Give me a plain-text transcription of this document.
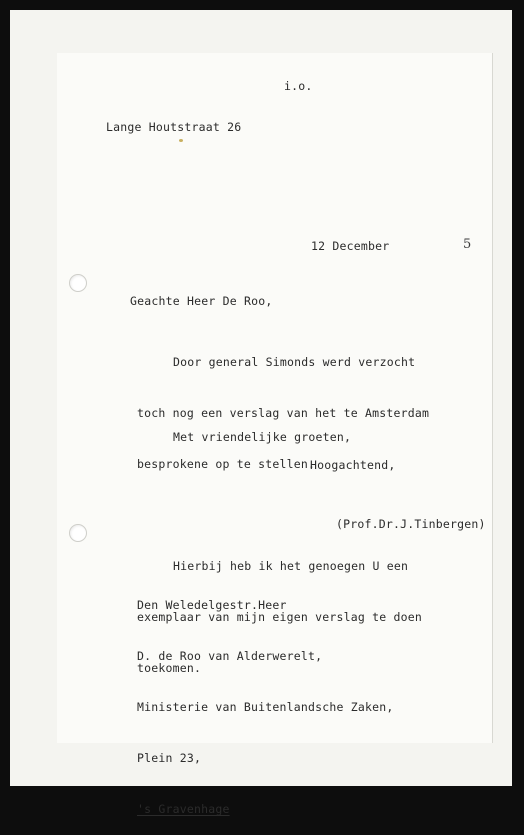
i.o.
Lange Houtstraat 26
12 December	5
Geachte Heer De Roo,

Door general Simonds werd verzocht

toch nog een verslag van het te Amsterdam

besprokene op te stellen.

Hierbij heb ik het genoegen U een

exemplaar van mijn eigen verslag te doen

toekomen.

Met vriendelijke groeten,
Hoogachtend,
(Prof.Dr.J.Tinbergen)

Den Weledelgestr.Heer

D. de Roo van Alderwerelt,

Ministerie van Buitenlandsche Zaken,

Plein 23,

's Gravenhage
